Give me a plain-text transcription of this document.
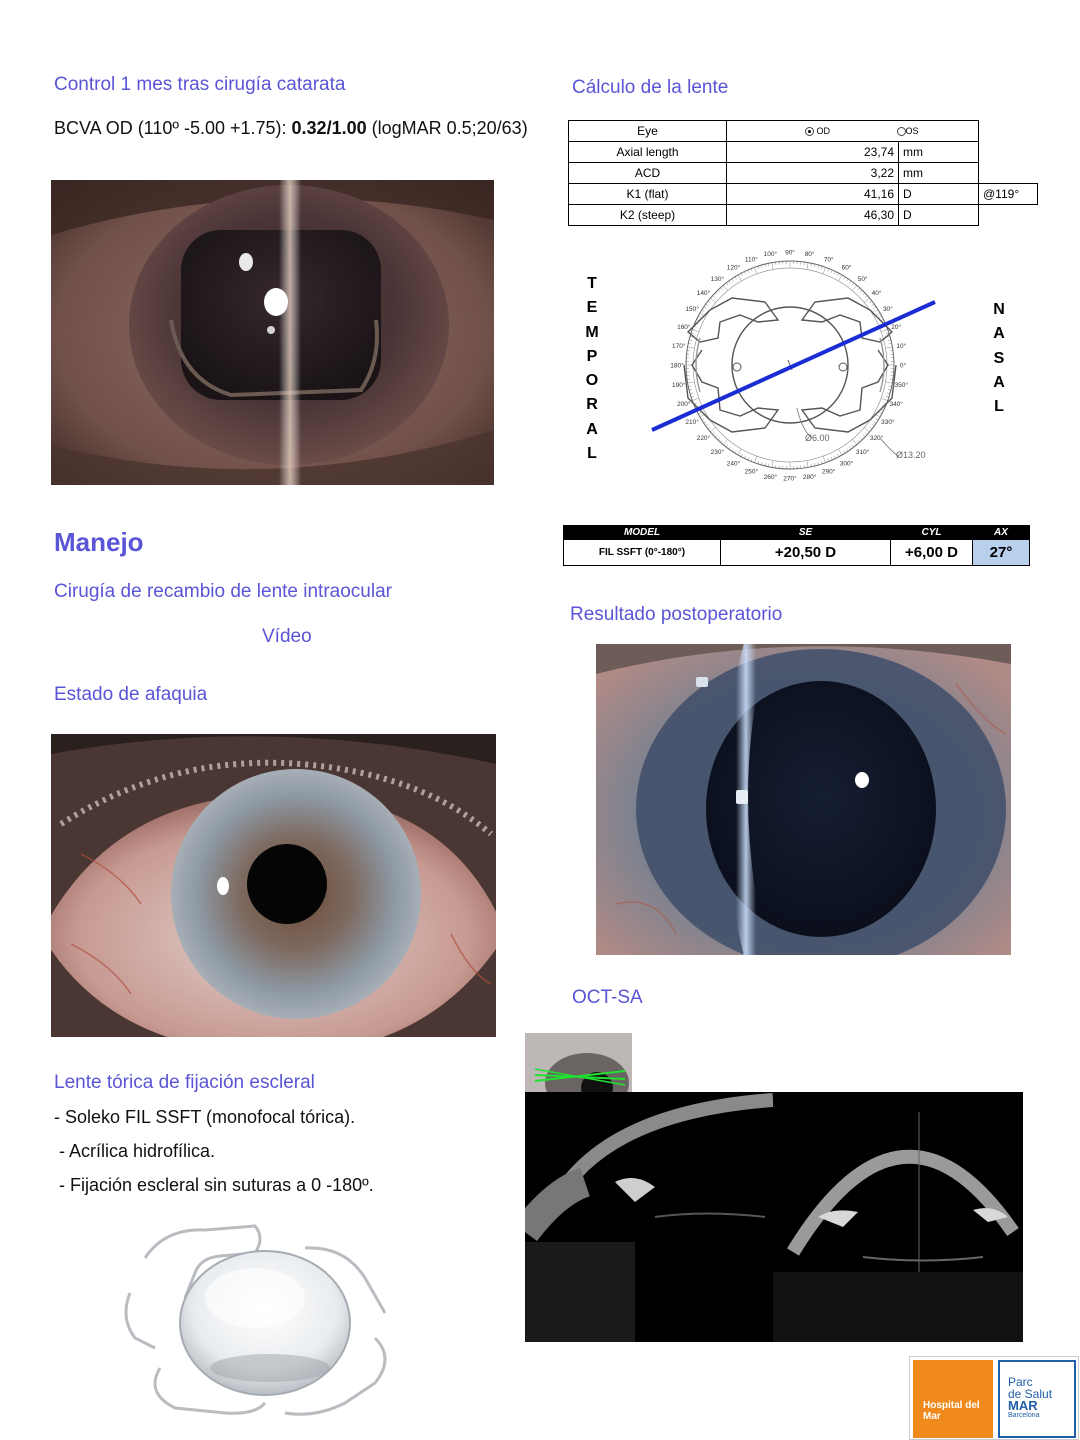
Control 1 mes tras cirugía catarata
BCVA OD (110º -5.00 +1.75): 0.32/1.00 (logMAR 0.5;20/63)
Manejo
Cirugía de recambio de lente intraocular
Vídeo
Estado de afaquia
Lente tórica de fijación escleral
- Soleko FIL SSFT (monofocal tórica).
- Acrílica hidrofílica.
- Fijación escleral sin suturas a 0 -180º.
Cálculo de la lente
Eye	OD OS		
Axial length	23,74	mm	
ACD	3,22	mm	
K1 (flat)	41,16	D	@119°
K2 (steep)	46,30	D	
T
E
M
P
O
R
A
L
N
A
S
A
L
0°
10°
20°
30°
40°
50°
60°
70°
80°
90°
100°
110°
120°
130°
140°
150°
160°
170°
180°
190°
200°
210°
220°
230°
240°
250°
260° 270° 280°
290°
300°
310°
320°
330°
340°
350°
Ø6.00
Ø13.20
MODEL	SE	CYL	AX
FIL SSFT (0°-180°)	+20,50 D	+6,00 D	27°
Resultado postoperatorio
OCT-SA
Hospital del Mar
Parc
de Salut
MAR
Barcelona
